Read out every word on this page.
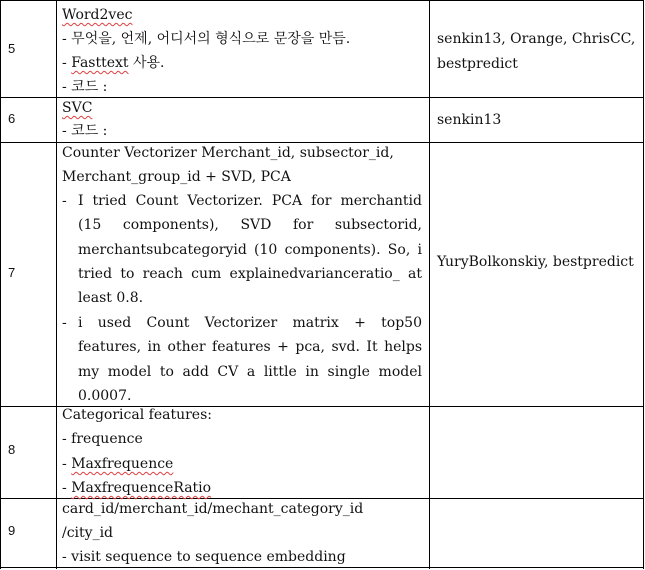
5
Word2vec
- 무엇을, 언제, 어디서의 형식으로 문장을 만듬.
- Fasttext 사용.
- 코드 :
senkin13, Orange, ChrisCC, bestpredict
6
SVC
- 코드 :
senkin13
7
Counter Vectorizer Merchant_id, subsector_id,
Merchant_group_id + SVD, PCA
- I tried Count Vectorizer. PCA for merchantid (15 components), SVD for subsectorid, merchantsubcategoryid (10 components). So, i tried to reach cum explainedvarianceratio_ at least 0.8.
- i used Count Vectorizer matrix + top50 features, in other features + pca, svd. It helps my model to add CV a little in single model 0.0007.
YuryBolkonskiy, bestpredict
8
Categorical features:
- frequence
- Maxfrequence
- MaxfrequenceRatio
9
card_id/merchant_id/mechant_category_id
/city_id
- visit sequence to sequence embedding
